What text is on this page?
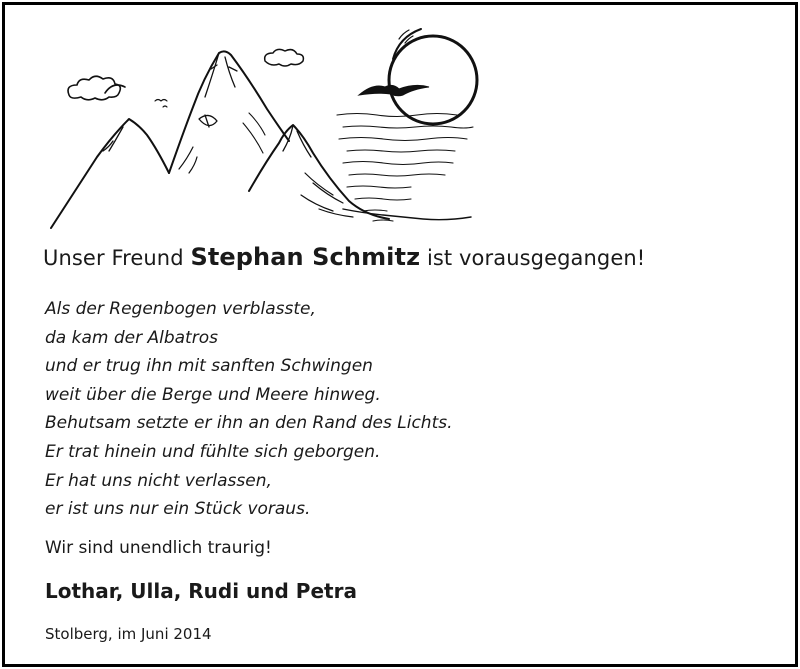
Unser Freund Stephan Schmitz ist vorausgegangen!
Als der Regenbogen verblasste,
da kam der Albatros
und er trug ihn mit sanften Schwingen
weit über die Berge und Meere hinweg.
Behutsam setzte er ihn an den Rand des Lichts.
Er trat hinein und fühlte sich geborgen.
Er hat uns nicht verlassen,
er ist uns nur ein Stück voraus.
Wir sind unendlich traurig!
Lothar, Ulla, Rudi und Petra
Stolberg, im Juni 2014
